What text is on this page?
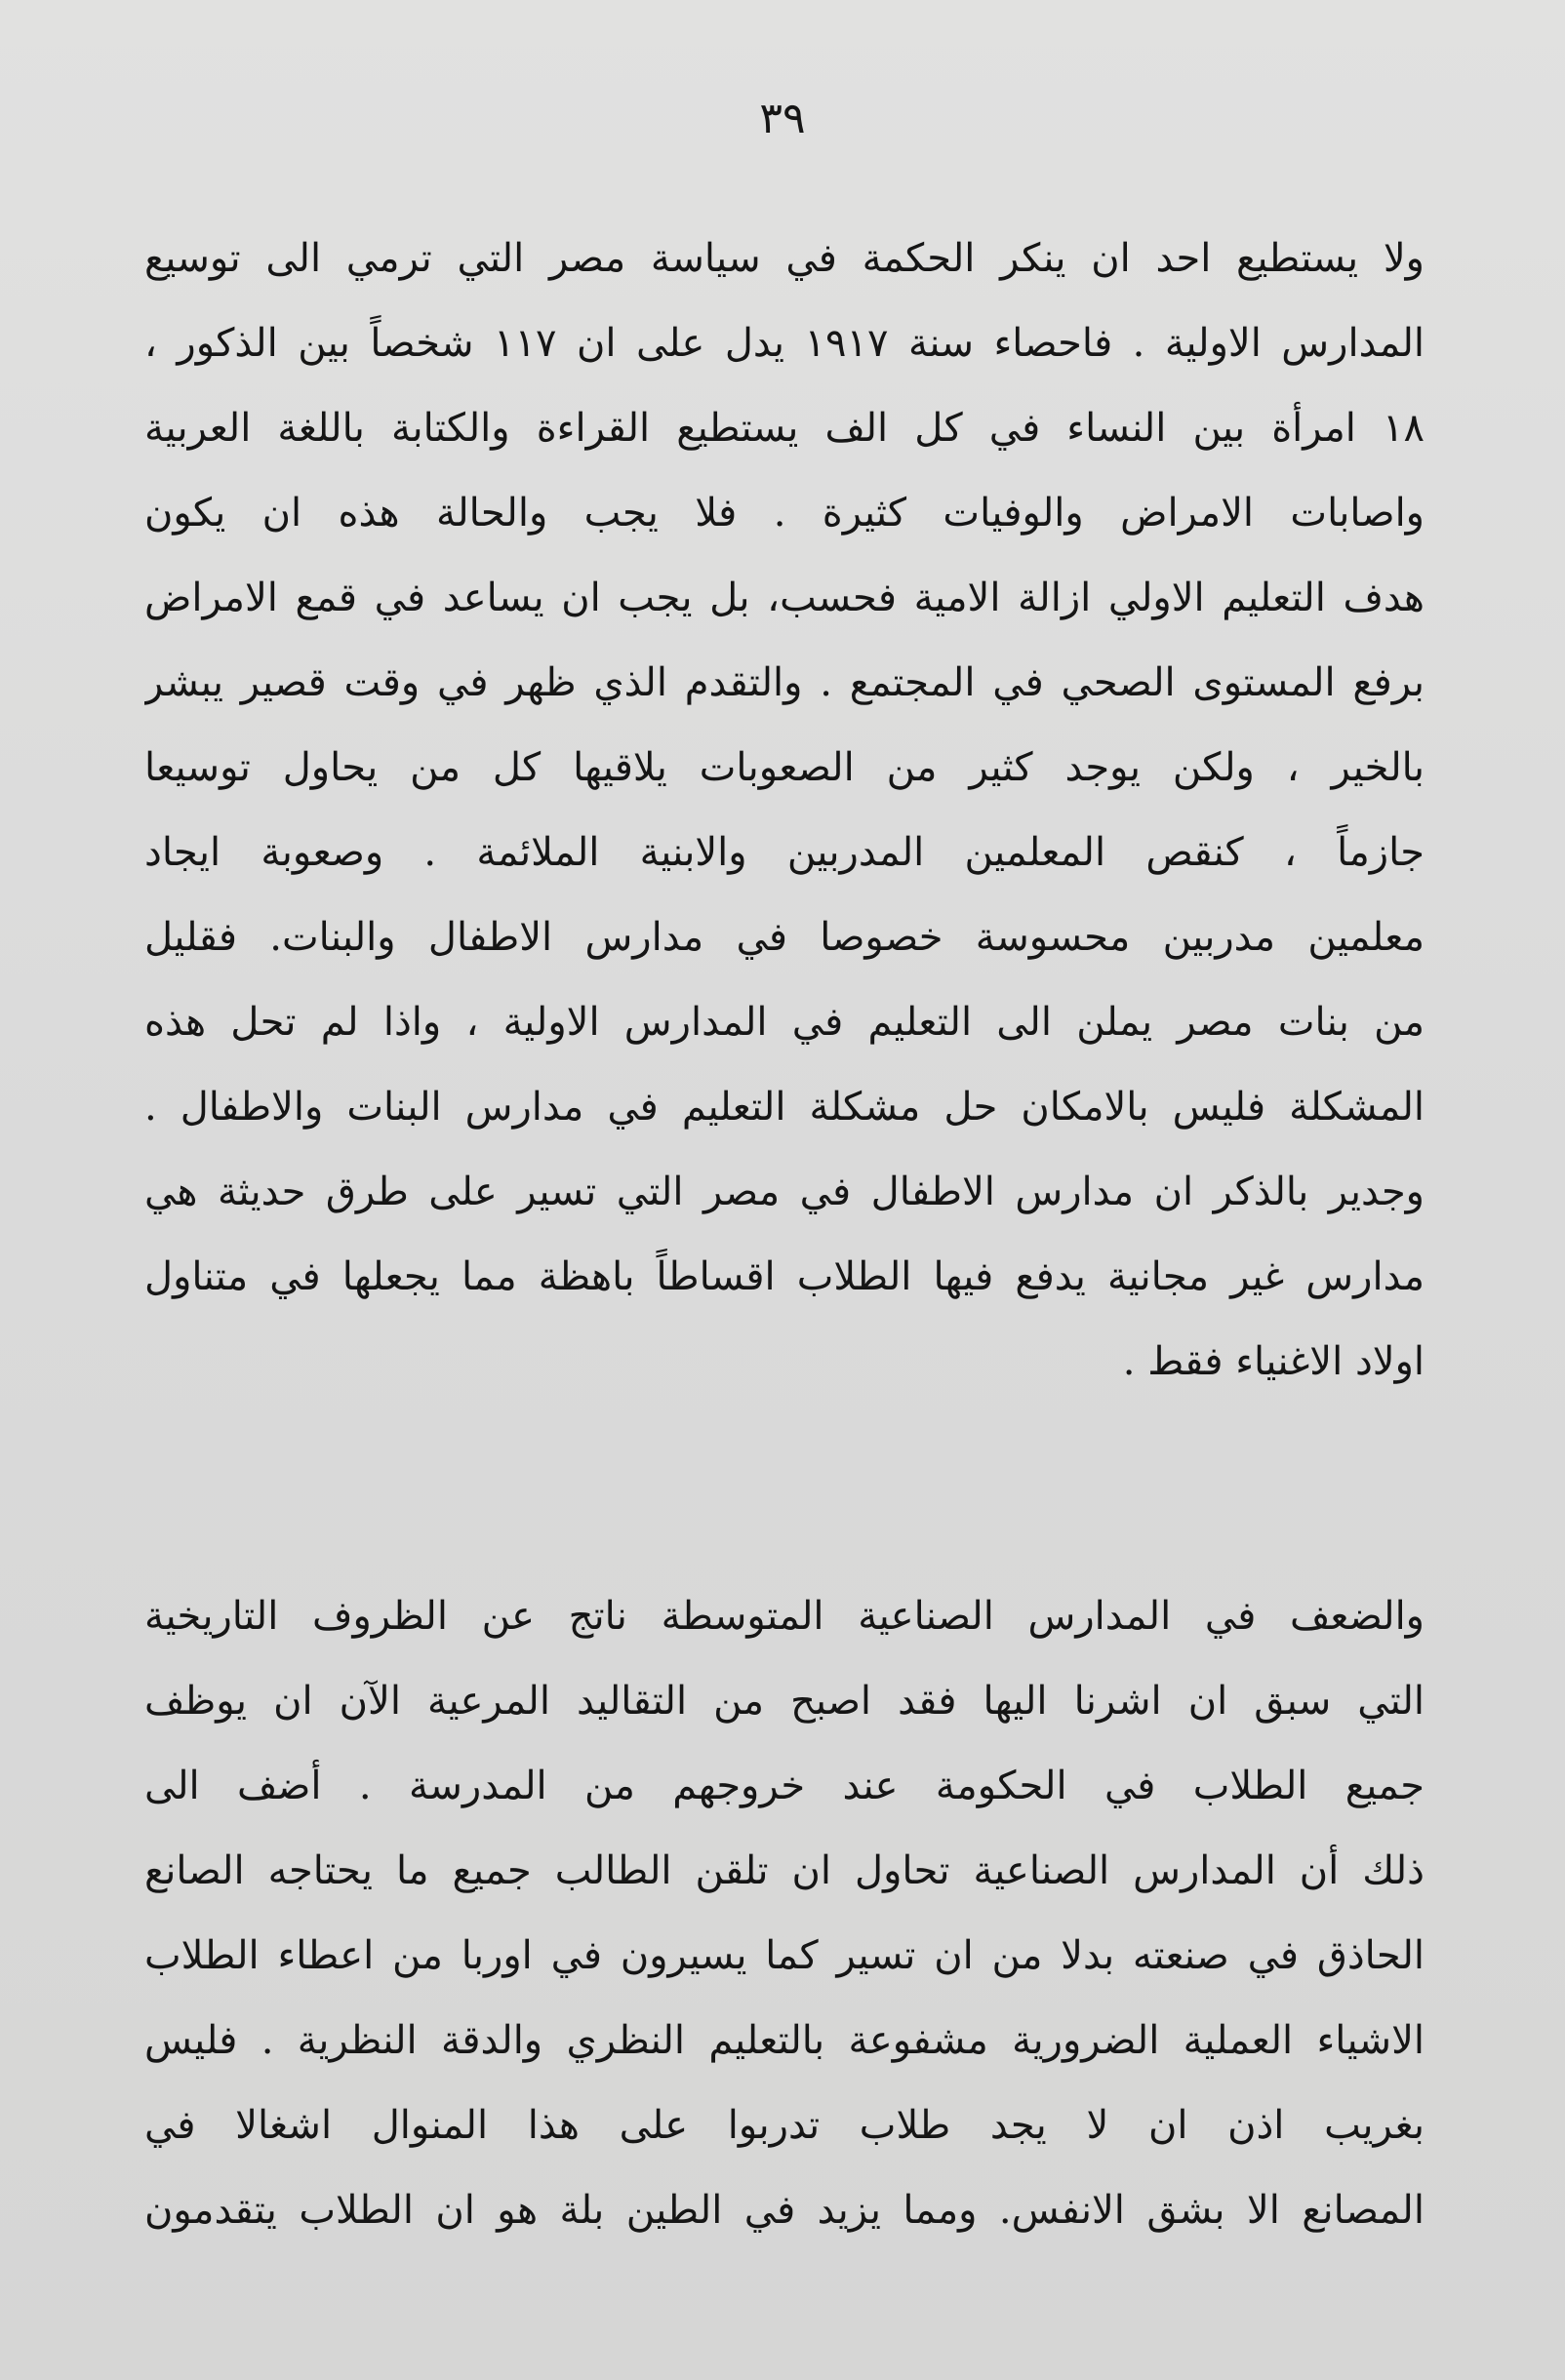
٣٩
ولا يستطيع احد ان ينكر الحكمة في سياسة مصر التي ترمي الى توسيع
المدارس الاولية . فاحصاء سنة ١٩١٧ يدل على ان ١١٧ شخصاً بين الذكور ،
١٨ امرأة بين النساء في كل الف يستطيع القراءة والكتابة باللغة العربية
واصابات الامراض والوفيات كثيرة . فلا يجب والحالة هذه ان يكون
هدف التعليم الاولي ازالة الامية فحسب، بل يجب ان يساعد في قمع الامراض
برفع المستوى الصحي في المجتمع . والتقدم الذي ظهر في وقت قصير يبشر
بالخير ، ولكن يوجد كثير من الصعوبات يلاقيها كل من يحاول توسيعا
جازماً ، كنقص المعلمين المدربين والابنية الملائمة . وصعوبة ايجاد
معلمين مدربين محسوسة خصوصا في مدارس الاطفال والبنات. فقليل
من بنات مصر يملن الى التعليم في المدارس الاولية ، واذا لم تحل هذه
المشكلة فليس بالامكان حل مشكلة التعليم في مدارس البنات والاطفال .
وجدير بالذكر ان مدارس الاطفال في مصر التي تسير على طرق حديثة هي
مدارس غير مجانية يدفع فيها الطلاب اقساطاً باهظة مما يجعلها في متناول
اولاد الاغنياء فقط .
والضعف في المدارس الصناعية المتوسطة ناتج عن الظروف التاريخية
التي سبق ان اشرنا اليها فقد اصبح من التقاليد المرعية الآن ان يوظف
جميع الطلاب في الحكومة عند خروجهم من المدرسة . أضف الى
ذلك أن المدارس الصناعية تحاول ان تلقن الطالب جميع ما يحتاجه الصانع
الحاذق في صنعته بدلا من ان تسير كما يسيرون في اوربا من اعطاء الطلاب
الاشياء العملية الضرورية مشفوعة بالتعليم النظري والدقة النظرية . فليس
بغريب اذن ان لا يجد طلاب تدربوا على هذا المنوال اشغالا في
المصانع الا بشق الانفس. ومما يزيد في الطين بلة هو ان الطلاب يتقدمون
